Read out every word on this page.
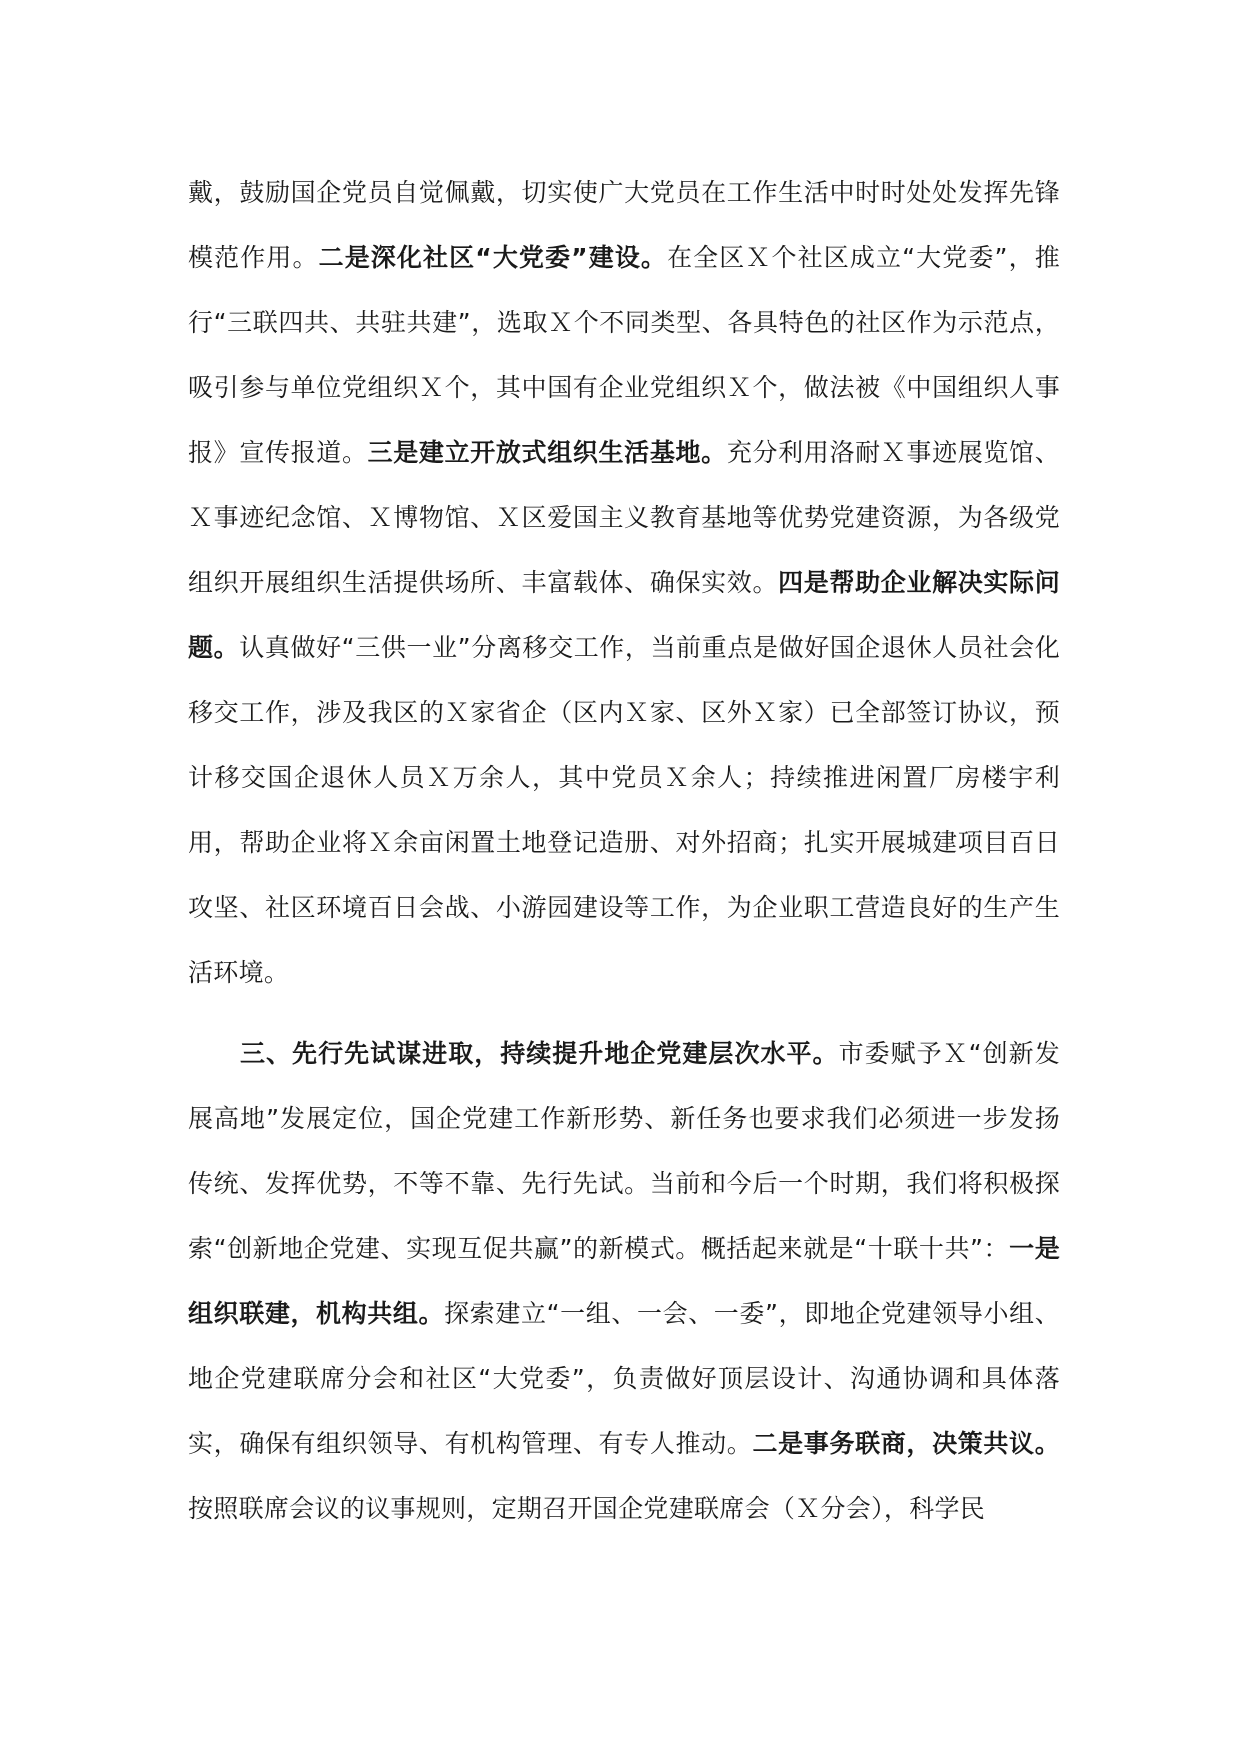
戴，鼓励国企党员自觉佩戴，切实使广大党员在工作生活中时时处处发挥先锋模范作用。二是深化社区“大党委”建设。在全区Ｘ个社区成立“大党委”，推行“三联四共、共驻共建”，选取Ｘ个不同类型、各具特色的社区作为示范点，吸引参与单位党组织Ｘ个，其中国有企业党组织Ｘ个，做法被《中国组织人事报》宣传报道。三是建立开放式组织生活基地。充分利用洛耐Ｘ事迹展览馆、Ｘ事迹纪念馆、Ｘ博物馆、Ｘ区爱国主义教育基地等优势党建资源，为各级党组织开展组织生活提供场所、丰富载体、确保实效。四是帮助企业解决实际问题。认真做好“三供一业”分离移交工作，当前重点是做好国企退休人员社会化移交工作，涉及我区的Ｘ家省企（区内Ｘ家、区外Ｘ家）已全部签订协议，预计移交国企退休人员Ｘ万余人，其中党员Ｘ余人；持续推进闲置厂房楼宇利用，帮助企业将Ｘ余亩闲置土地登记造册、对外招商；扎实开展城建项目百日攻坚、社区环境百日会战、小游园建设等工作，为企业职工营造良好的生产生活环境。

三、先行先试谋进取，持续提升地企党建层次水平。市委赋予Ｘ“创新发展高地”发展定位，国企党建工作新形势、新任务也要求我们必须进一步发扬传统、发挥优势，不等不靠、先行先试。当前和今后一个时期，我们将积极探索“创新地企党建、实现互促共赢”的新模式。概括起来就是“十联十共”：一是组织联建，机构共组。探索建立“一组、一会、一委”，即地企党建领导小组、地企党建联席分会和社区“大党委”，负责做好顶层设计、沟通协调和具体落实，确保有组织领导、有机构管理、有专人推动。二是事务联商，决策共议。按照联席会议的议事规则，定期召开国企党建联席会（Ｘ分会），科学民
